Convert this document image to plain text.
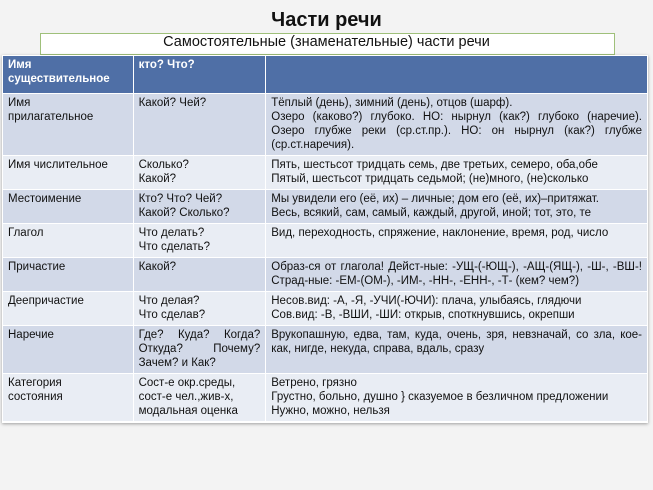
Части речи
Самостоятельные (знаменательные) части речи
Имя
существительное	кто? Что?	

Имя
прилагательное	Какой? Чей?	Тёплый (день), зимний (день), отцов (шарф).
Озеро (каково?) глубоко. НО: нырнул (как?) глубоко (наречие). Озеро глубже реки (ср.ст.пр.). НО: он нырнул (как?) глубже (ср.ст.наречия).

Имя числительное	Сколько?
Какой?	Пять, шестьсот тридцать семь, две третьих, семеро, оба,обе
Пятый, шестьсот тридцать седьмой; (не)много, (не)сколько

Местоимение	Кто? Что? Чей?
Какой? Сколько?	Мы увидели его (её, их) – личные; дом его (её, их)–притяжат.
Весь, всякий, сам, самый, каждый, другой, иной; тот, это, те

Глагол	Что делать?
Что сделать?	Вид, переходность, спряжение, наклонение, время, род, число

Причастие	Какой?	Образ-ся от глагола! Дейст-ные: -УЩ-(-ЮЩ-), -АЩ-(ЯЩ-), -Ш-, -ВШ-! Страд-ные: -ЕМ-(ОМ-), -ИМ-, -НН-, -ЕНН-, -Т- (кем? чем?)

Деепричастие	Что делая?
Что сделав?	Несов.вид: -А, -Я, -УЧИ(-ЮЧИ): плача, улыбаясь, глядючи
Сов.вид: -В, -ВШИ, -ШИ: открыв, споткнувшись, окрепши

Наречие	Где? Куда? Когда? Откуда? Почему? Зачем? и Как?	Врукопашную, едва, там, куда, очень, зря, невзначай, со зла, кое-как, нигде, некуда, справа, вдаль, сразу

Категория
состояния	Сост-е окр.среды,
сост-е чел.,жив-х,
модальная оценка	Ветрено, грязно
Грустно, больно, душно } сказуемое в безличном предложении
Нужно, можно, нельзя
